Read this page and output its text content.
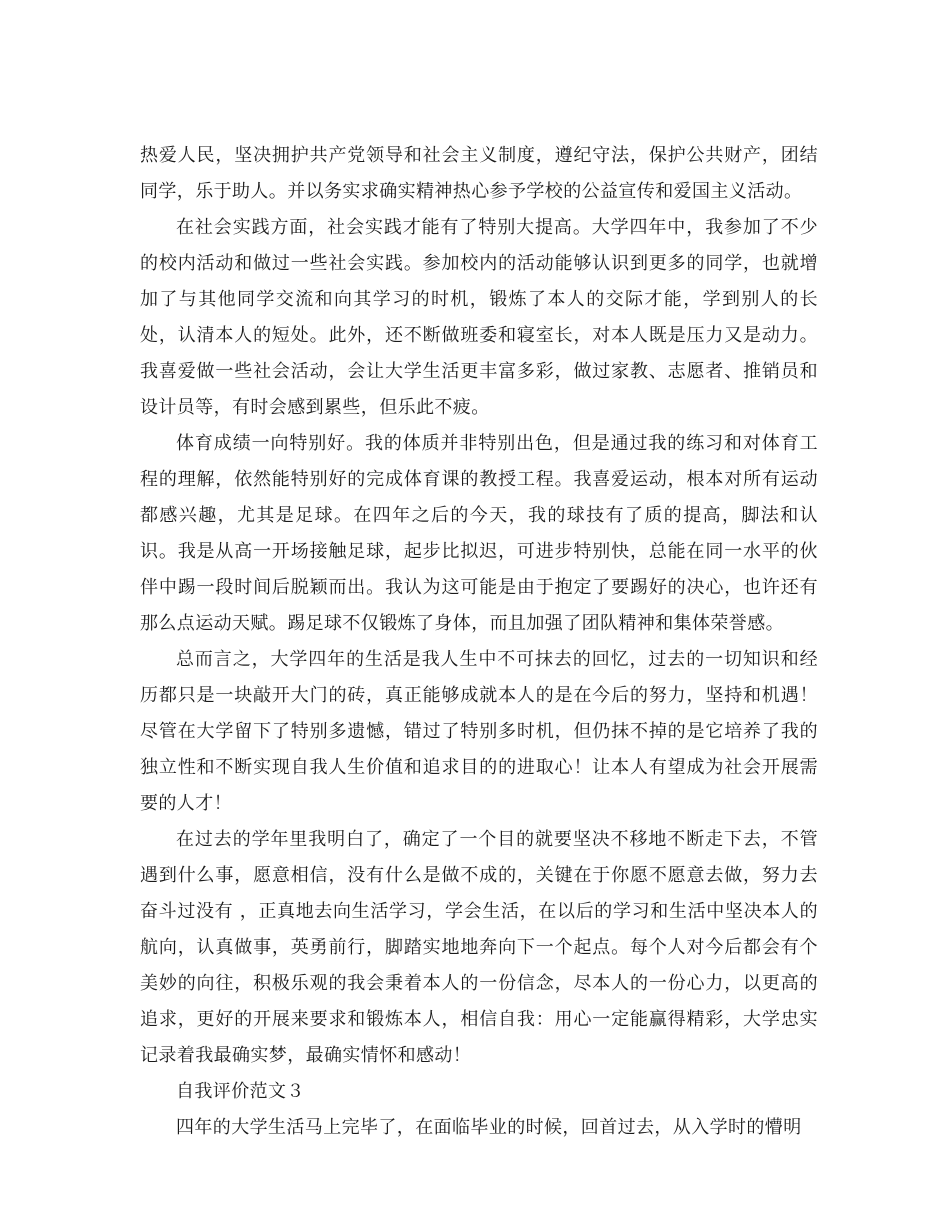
热爱人民，坚决拥护共产党领导和社会主义制度，遵纪守法，保护公共财产，团结同学，乐于助人。并以务实求确实精神热心参予学校的公益宣传和爱国主义活动。

在社会实践方面，社会实践才能有了特别大提高。大学四年中，我参加了不少的校内活动和做过一些社会实践。参加校内的活动能够认识到更多的同学，也就增加了与其他同学交流和向其学习的时机，锻炼了本人的交际才能，学到别人的长处，认清本人的短处。此外，还不断做班委和寝室长，对本人既是压力又是动力。我喜爱做一些社会活动，会让大学生活更丰富多彩，做过家教、志愿者、推销员和设计员等，有时会感到累些，但乐此不疲。

体育成绩一向特别好。我的体质并非特别出色，但是通过我的练习和对体育工程的理解，依然能特别好的完成体育课的教授工程。我喜爱运动，根本对所有运动都感兴趣，尤其是足球。在四年之后的今天，我的球技有了质的提高，脚法和认识。我是从高一开场接触足球，起步比拟迟，可进步特别快，总能在同一水平的伙伴中踢一段时间后脱颖而出。我认为这可能是由于抱定了要踢好的决心，也许还有那么点运动天赋。踢足球不仅锻炼了身体，而且加强了团队精神和集体荣誉感。

总而言之，大学四年的生活是我人生中不可抹去的回忆，过去的一切知识和经历都只是一块敲开大门的砖，真正能够成就本人的是在今后的努力，坚持和机遇！尽管在大学留下了特别多遗憾，错过了特别多时机，但仍抹不掉的是它培养了我的独立性和不断实现自我人生价值和追求目的的进取心！让本人有望成为社会开展需要的人才！

在过去的学年里我明白了，确定了一个目的就要坚决不移地不断走下去，不管遇到什么事，愿意相信，没有什么是做不成的，关键在于你愿不愿意去做，努力去奋斗过没有 ，正真地去向生活学习，学会生活，在以后的学习和生活中坚决本人的航向，认真做事，英勇前行，脚踏实地地奔向下一个起点。每个人对今后都会有个美妙的向往，积极乐观的我会秉着本人的一份信念，尽本人的一份心力，以更高的追求，更好的开展来要求和锻炼本人，相信自我：用心一定能赢得精彩，大学忠实记录着我最确实梦，最确实情怀和感动！

自我评价范文３

四年的大学生活马上完毕了，在面临毕业的时候，回首过去，从入学时的懵明
